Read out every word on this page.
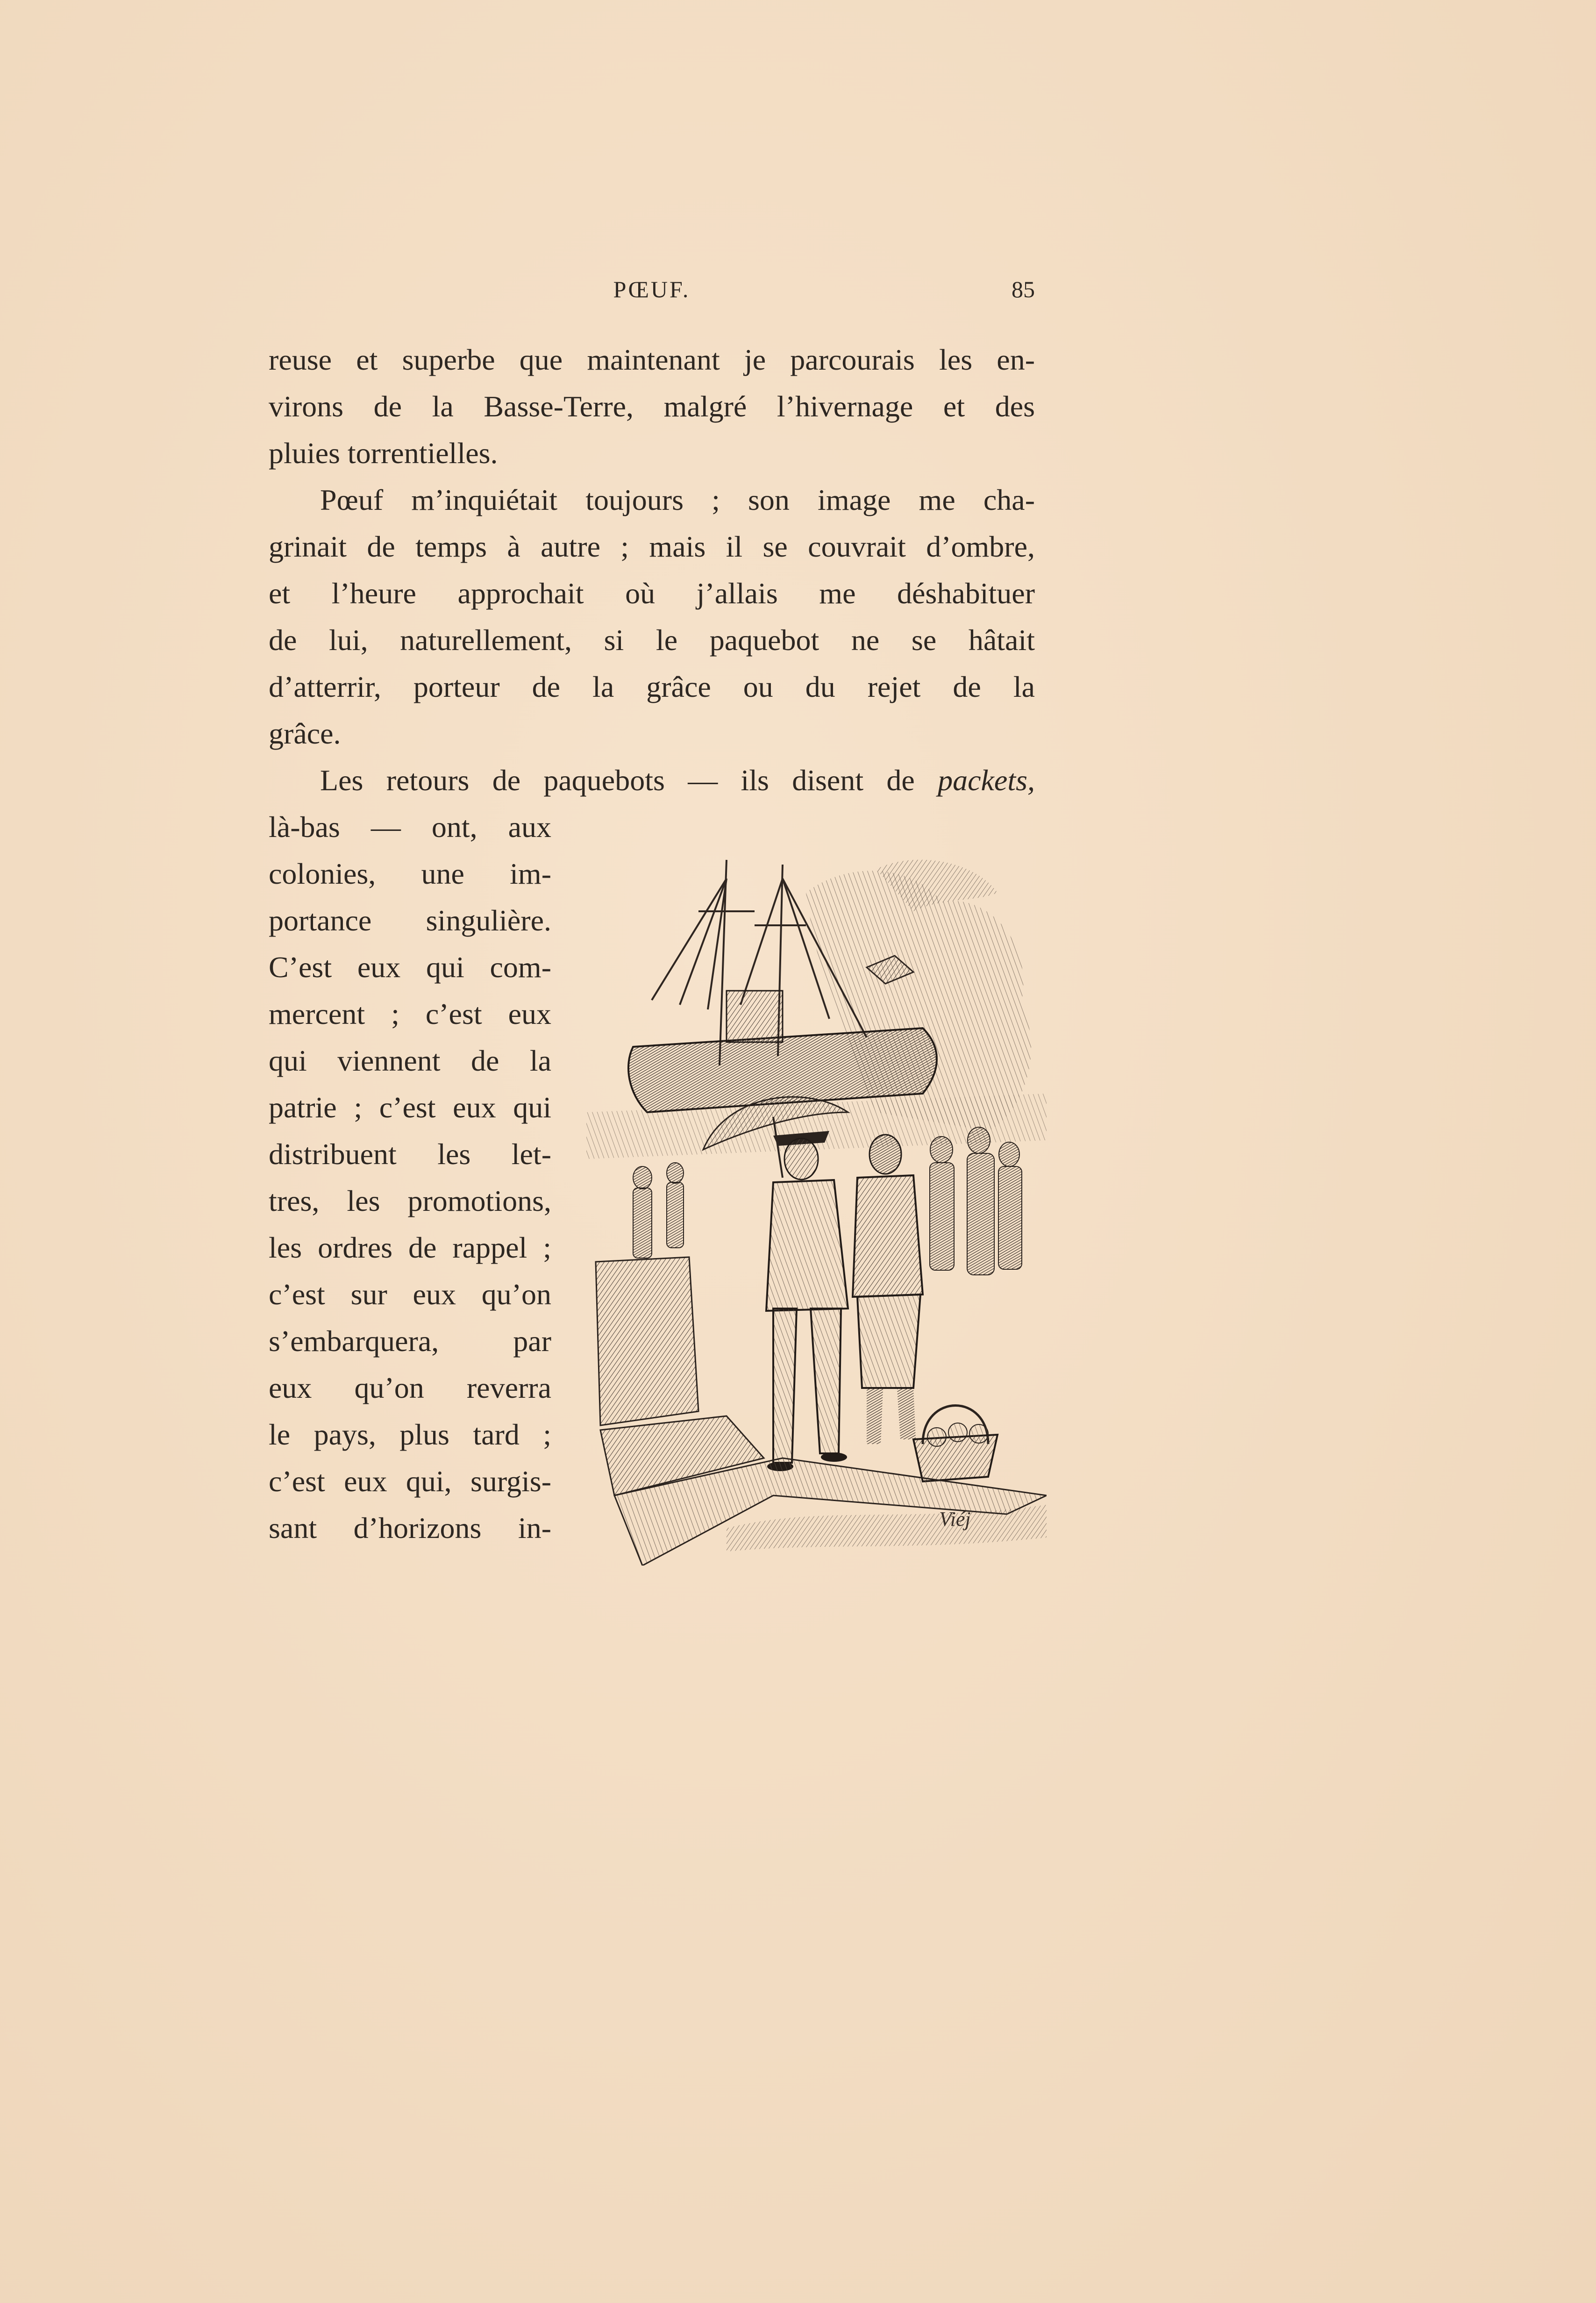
PŒUF.	85
reuse et superbe que maintenant je parcourais les en-
virons de la Basse-Terre, malgré l’hivernage et des
pluies torrentielles.
Pœuf m’inquiétait toujours ; son image me cha-
grinait de temps à autre ; mais il se couvrait d’ombre,
et l’heure approchait où j’allais me déshabituer
de lui, naturellement, si le paquebot ne se hâtait
d’atterrir, porteur de la grâce ou du rejet de la
grâce.
Les retours de paquebots — ils disent de packets,
là-bas — ont, aux
colonies, une im-
portance singulière.
C’est eux qui com-
mercent ; c’est eux
qui viennent de la
patrie ; c’est eux qui
distribuent les let-
tres, les promotions,
les ordres de rappel ;
c’est sur eux qu’on
s’embarquera, par
eux qu’on reverra
le pays, plus tard ;
c’est eux qui, surgis-
sant d’horizons in-	Viéj
